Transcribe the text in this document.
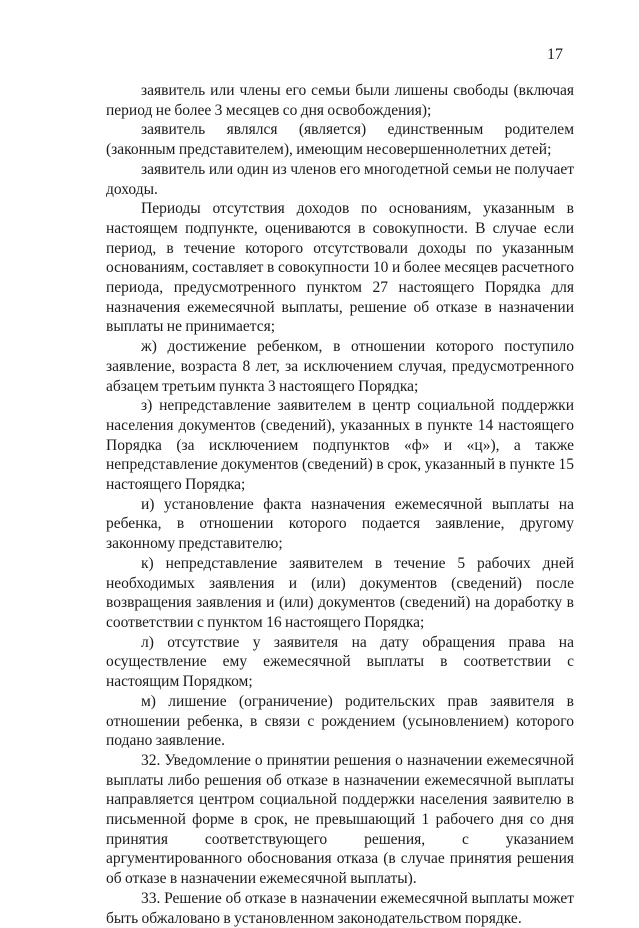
17

заявитель или члены его семьи были лишены свободы (включая период не более 3 месяцев со дня освобождения);

заявитель являлся (является) единственным родителем (законным представителем), имеющим несовершеннолетних детей;

заявитель или один из членов его многодетной семьи не получает доходы.

Периоды отсутствия доходов по основаниям, указанным в настоящем подпункте, оцениваются в совокупности. В случае если период, в течение которого отсутствовали доходы по указанным основаниям, составляет в совокупности 10 и более месяцев расчетного периода, предусмотренного пунктом 27 настоящего Порядка для назначения ежемесячной выплаты, решение об отказе в назначении выплаты не принимается;

ж) достижение ребенком, в отношении которого поступило заявление, возраста 8 лет, за исключением случая, предусмотренного абзацем третьим пункта 3 настоящего Порядка;

з) непредставление заявителем в центр социальной поддержки населения документов (сведений), указанных в пункте 14 настоящего Порядка (за исключением подпунктов «ф» и «ц»), а также непредставление документов (сведений) в срок, указанный в пункте 15 настоящего Порядка;

и) установление факта назначения ежемесячной выплаты на ребенка, в отношении которого подается заявление, другому законному представителю;

к) непредставление заявителем в течение 5 рабочих дней необходимых заявления и (или) документов (сведений) после возвращения заявления и (или) документов (сведений) на доработку в соответствии с пунктом 16 настоящего Порядка;

л) отсутствие у заявителя на дату обращения права на осуществление ему ежемесячной выплаты в соответствии с настоящим Порядком;

м) лишение (ограничение) родительских прав заявителя в отношении ребенка, в связи с рождением (усыновлением) которого подано заявление.

32. Уведомление о принятии решения о назначении ежемесячной выплаты либо решения об отказе в назначении ежемесячной выплаты направляется центром социальной поддержки населения заявителю в письменной форме в срок, не превышающий 1 рабочего дня со дня принятия соответствующего решения, с указанием аргументированного обоснования отказа (в случае принятия решения об отказе в назначении ежемесячной выплаты).

33. Решение об отказе в назначении ежемесячной выплаты может быть обжаловано в установленном законодательством порядке.
